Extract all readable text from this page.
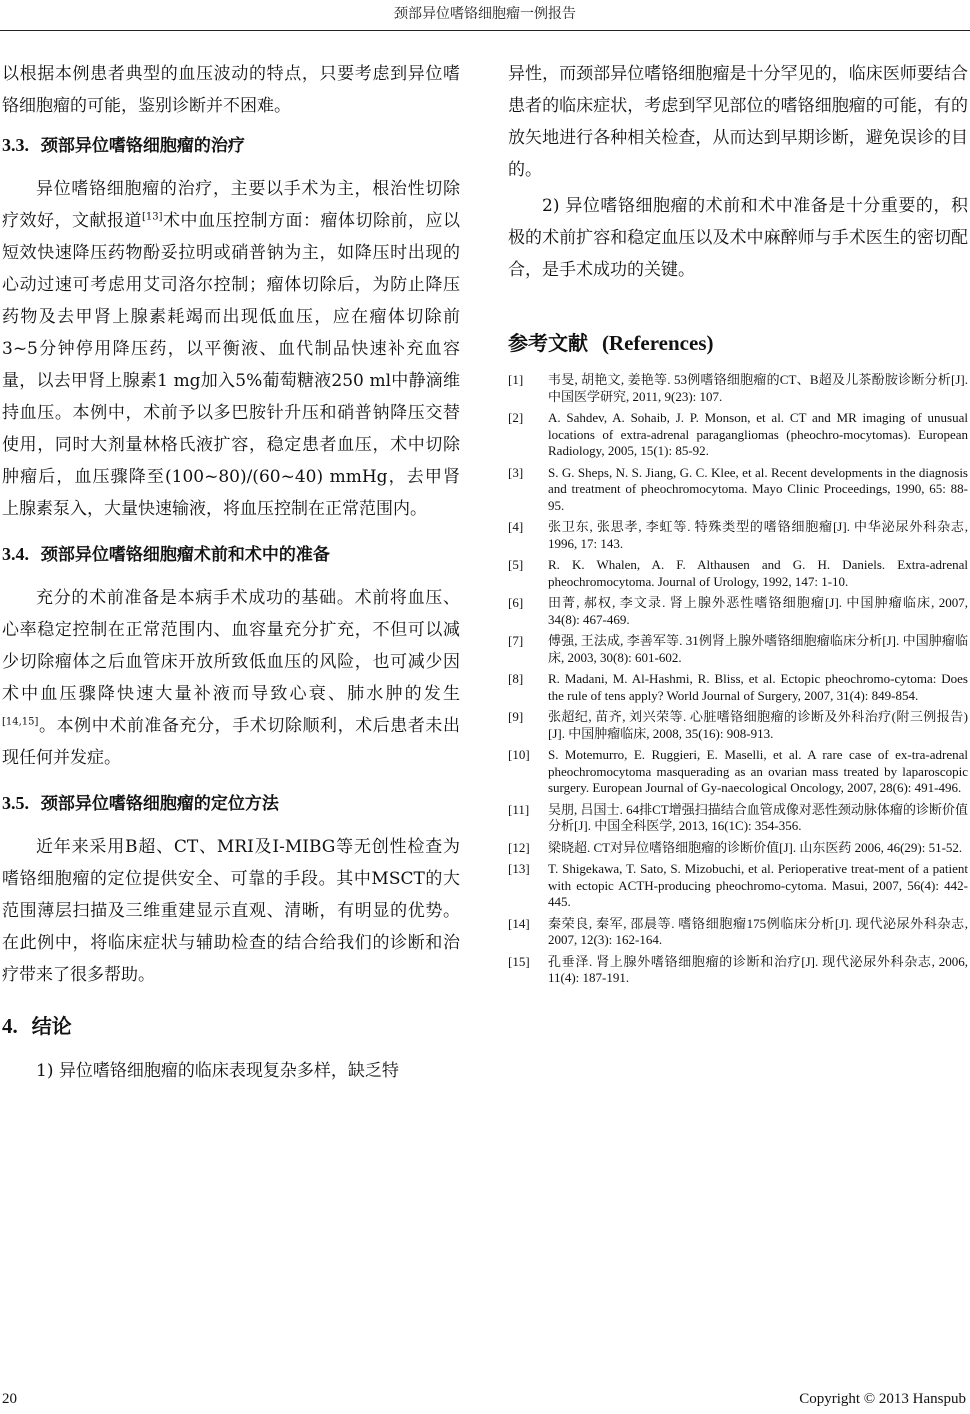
颈部异位嗜铬细胞瘤一例报告

以根据本例患者典型的血压波动的特点，只要考虑到异位嗜铬细胞瘤的可能，鉴别诊断并不困难。

3.3. 颈部异位嗜铬细胞瘤的治疗

异位嗜铬细胞瘤的治疗，主要以手术为主，根治性切除疗效好，文献报道[13]术中血压控制方面：瘤体切除前，应以短效快速降压药物酚妥拉明或硝普钠为主，如降压时出现的心动过速可考虑用艾司洛尔控制；瘤体切除后，为防止降压药物及去甲肾上腺素耗竭而出现低血压，应在瘤体切除前3~5分钟停用降压药，以平衡液、血代制品快速补充血容量，以去甲肾上腺素1 mg加入5%葡萄糖液250 ml中静滴维持血压。本例中，术前予以多巴胺针升压和硝普钠降压交替使用，同时大剂量林格氏液扩容，稳定患者血压，术中切除肿瘤后，血压骤降至(100~80)/(60~40) mmHg，去甲肾上腺素泵入，大量快速输液，将血压控制在正常范围内。

3.4. 颈部异位嗜铬细胞瘤术前和术中的准备

充分的术前准备是本病手术成功的基础。术前将血压、心率稳定控制在正常范围内、血容量充分扩充，不但可以减少切除瘤体之后血管床开放所致低血压的风险，也可减少因术中血压骤降快速大量补液而导致心衰、肺水肿的发生[14,15]。本例中术前准备充分，手术切除顺利，术后患者未出现任何并发症。

3.5. 颈部异位嗜铬细胞瘤的定位方法

近年来采用B超、CT、MRI及I-MIBG等无创性检查为嗜铬细胞瘤的定位提供安全、可靠的手段。其中MSCT的大范围薄层扫描及三维重建显示直观、清晰，有明显的优势。在此例中，将临床症状与辅助检查的结合给我们的诊断和治疗带来了很多帮助。

4. 结论

1) 异位嗜铬细胞瘤的临床表现复杂多样，缺乏特

异性，而颈部异位嗜铬细胞瘤是十分罕见的，临床医师要结合患者的临床症状，考虑到罕见部位的嗜铬细胞瘤的可能，有的放矢地进行各种相关检查，从而达到早期诊断，避免误诊的目的。

2) 异位嗜铬细胞瘤的术前和术中准备是十分重要的，积极的术前扩容和稳定血压以及术中麻醉师与手术医生的密切配合，是手术成功的关键。

参考文献 (References)
[1]	韦旻, 胡艳文, 姜艳等. 53例嗜铬细胞瘤的CT、B超及儿茶酚胺诊断分析[J]. 中国医学研究, 2011, 9(23): 107.
[2]	A. Sahdev, A. Sohaib, J. P. Monson, et al. CT and MR imaging of unusual locations of extra-adrenal paragangliomas (pheochro-mocytomas). European Radiology, 2005, 15(1): 85-92.
[3]	S. G. Sheps, N. S. Jiang, G. C. Klee, et al. Recent developments in the diagnosis and treatment of pheochromocytoma. Mayo Clinic Proceedings, 1990, 65: 88-95.
[4]	张卫东, 张思孝, 李虹等. 特殊类型的嗜铬细胞瘤[J]. 中华泌尿外科杂志, 1996, 17: 143.
[5]	R. K. Whalen, A. F. Althausen and G. H. Daniels. Extra-adrenal pheochromocytoma. Journal of Urology, 1992, 147: 1-10.
[6]	田菁, 郝权, 李文录. 肾上腺外恶性嗜铬细胞瘤[J]. 中国肿瘤临床, 2007, 34(8): 467-469.
[7]	傅强, 王法成, 李善军等. 31例肾上腺外嗜铬细胞瘤临床分析[J]. 中国肿瘤临床, 2003, 30(8): 601-602.
[8]	R. Madani, M. Al-Hashmi, R. Bliss, et al. Ectopic pheochromo-cytoma: Does the rule of tens apply? World Journal of Surgery, 2007, 31(4): 849-854.
[9]	张超纪, 苗齐, 刘兴荣等. 心脏嗜铬细胞瘤的诊断及外科治疗(附三例报告)[J]. 中国肿瘤临床, 2008, 35(16): 908-913.
[10]	S. Motemurro, E. Ruggieri, E. Maselli, et al. A rare case of ex-tra-adrenal pheochromocytoma masquerading as an ovarian mass treated by laparoscopic surgery. European Journal of Gy-naecological Oncology, 2007, 28(6): 491-496.
[11]	吴朋, 吕国士. 64排CT增强扫描结合血管成像对恶性颈动脉体瘤的诊断价值分析[J]. 中国全科医学, 2013, 16(1C): 354-356.
[12]	梁晓超. CT对异位嗜铬细胞瘤的诊断价值[J]. 山东医药 2006, 46(29): 51-52.
[13]	T. Shigekawa, T. Sato, S. Mizobuchi, et al. Perioperative treat-ment of a patient with ectopic ACTH-producing pheochromo-cytoma. Masui, 2007, 56(4): 442-445.
[14]	秦荣良, 秦军, 邵晨等. 嗜铬细胞瘤175例临床分析[J]. 现代泌尿外科杂志, 2007, 12(3): 162-164.
[15]	孔垂泽. 肾上腺外嗜铬细胞瘤的诊断和治疗[J]. 现代泌尿外科杂志, 2006, 11(4): 187-191.
20	Copyright © 2013 Hanspub
